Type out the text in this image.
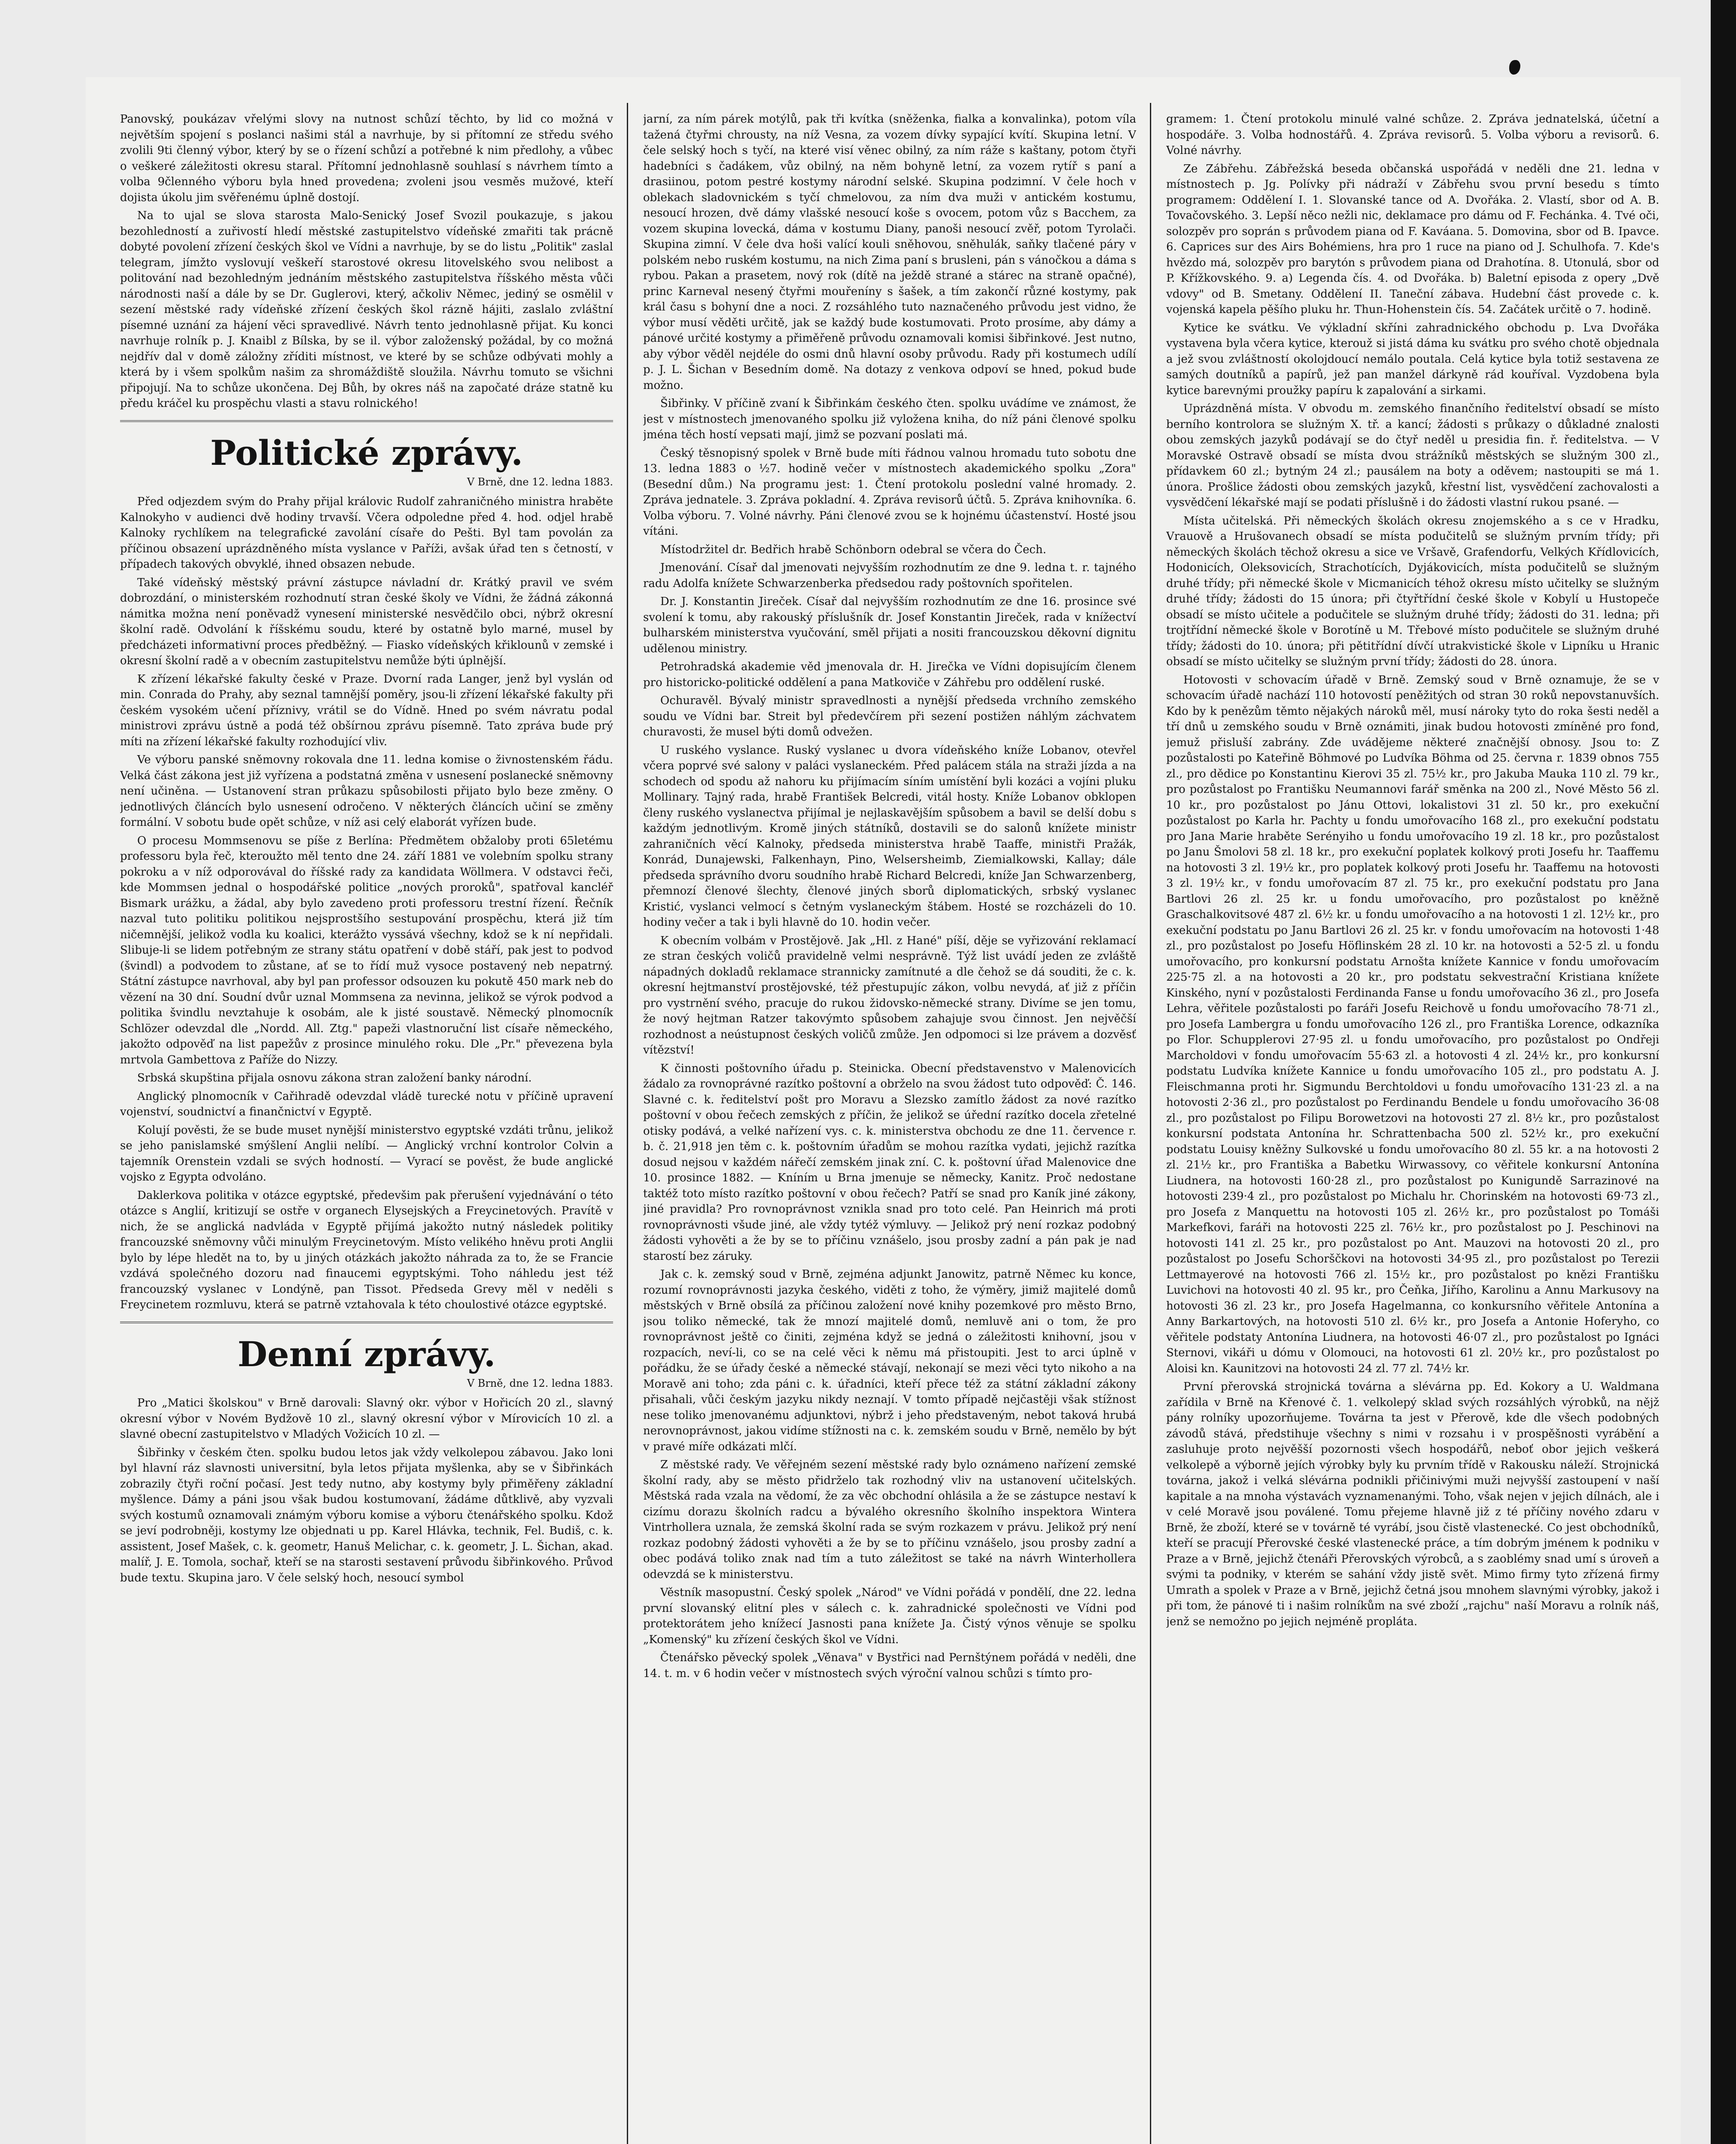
Panovský, poukázav vřelými slovy na nutnost schůzí těchto, by lid co možná v největším spojení s poslanci našimi stál a navrhuje, by si přítomní ze středu svého zvolili 9ti členný výbor, který by se o řízení schůzí a potřebné k nim předlohy, a vůbec o veškeré záležitosti okresu staral. Přítomní jednohlasně souhlasí s návrhem tímto a volba 9členného výboru byla hned provedena; zvoleni jsou vesměs mužové, kteří dojista úkolu jim svěřenému úplně dostojí.

Na to ujal se slova starosta Malo-Senický Josef Svozil poukazuje, s jakou bezohledností a zuřivostí hledí městské zastupitelstvo vídeňské zmařiti tak prácně dobyté povolení zřízení českých škol ve Vídni a navrhuje, by se do listu „Politik" zaslal telegram, jímžto vyslovují veškeří starostové okresu litovelského svou nelibost a politování nad bezohledným jednáním městského zastupitelstva říšského města vůči národnosti naší a dále by se Dr. Guglerovi, který, ačkoliv Němec, jediný se osmělil v sezení městské rady vídeňské zřízení českých škol rázně hájiti, zaslalo zvláštní písemné uznání za hájení věci spravedlivé. Návrh tento jednohlasně přijat. Ku konci navrhuje rolník p. J. Knaibl z Bílska, by se il. výbor založenský požádal, by co možná nejdřív dal v domě záložny zříditi místnost, ve které by se schůze odbývati mohly a která by i všem spolkům našim za shromáždiště sloužila. Návrhu tomuto se všichni připojují. Na to schůze ukončena. Dej Bůh, by okres náš na započaté dráze statně ku předu kráčel ku prospěchu vlasti a stavu rolnického!

Politické zprávy.
V Brně, dne 12. ledna 1883.

Před odjezdem svým do Prahy přijal královic Rudolf zahraničného ministra hraběte Kalnokyho v audienci dvě hodiny trvavší. Včera odpoledne před 4. hod. odjel hrabě Kalnoky rychlíkem na telegrafické zavolání císaře do Pešti. Byl tam povolán za příčinou obsazení uprázdněného místa vyslance v Paříži, avšak úřad ten s četností, v případech takových obvyklé, ihned obsazen nebude.

Také vídeňský městský právní zástupce návladní dr. Krátký pravil ve svém dobrozdání, o ministerském rozhodnutí stran české školy ve Vídni, že žádná zákonná námitka možna není poněvadž vynesení ministerské nesvědčilo obci, nýbrž okresní školní radě. Odvolání k říšskému soudu, které by ostatně bylo marné, musel by předcházeti informativní proces předběžný. — Fiasko vídeňských křiklounů v zemské i okresní školní radě a v obecním zastupitelstvu nemůže býti úplnější.

K zřízení lékařské fakulty české v Praze. Dvorní rada Langer, jenž byl vyslán od min. Conrada do Prahy, aby seznal tamnější poměry, jsou-li zřízení lékařské fakulty při českém vysokém učení příznivy, vrátil se do Vídně. Hned po svém návratu podal ministrovi zprávu ústně a podá též obšírnou zprávu písemně. Tato zpráva bude prý míti na zřízení lékařské fakulty rozhodující vliv.

Ve výboru panské sněmovny rokovala dne 11. ledna komise o živnostenském řádu. Velká část zákona jest již vyřízena a podstatná změna v usnesení poslanecké sněmovny není učiněna. — Ustanovení stran průkazu spůsobilosti přijato bylo beze změny. O jednotlivých článcích bylo usnesení odročeno. V některých článcích učiní se změny formální. V sobotu bude opět schůze, v níž asi celý elaborát vyřízen bude.

O procesu Mommsenovu se píše z Berlína: Předmětem obžaloby proti 65letému professoru byla řeč, kteroužto měl tento dne 24. září 1881 ve volebním spolku strany pokroku a v níž odporovával do říšské rady za kandidata Wöllmera. V odstavci řeči, kde Mommsen jednal o hospodářské politice „nových proroků", spatřoval kancléř Bismark urážku, a žádal, aby bylo zavedeno proti professoru trestní řízení. Řečník nazval tuto politiku politikou nejsprostšího sestupování prospěchu, která již tím ničemnější, jelikož vodla ku koalici, kterážto vyssává všechny, kdož se k ní nepřidali. Slibuje-li se lidem potřebným ze strany státu opatření v době stáří, pak jest to podvod (švindl) a podvodem to zůstane, ať se to řídí muž vysoce postavený neb nepatrný. Státní zástupce navrhoval, aby byl pan professor odsouzen ku pokutě 450 mark neb do vězení na 30 dní. Soudní dvůr uznal Mommsena za nevinna, jelikož se výrok podvod a politika švindlu nevztahuje k osobám, ale k jisté soustavě. Německý plnomocník Schlözer odevzdal dle „Nordd. All. Ztg." papeži vlastnoruční list císaře německého, jakožto odpověď na list papežův z prosince minulého roku. Dle „Pr." převezena byla mrtvola Gambettova z Paříže do Nizzy.

Srbská skupština přijala osnovu zákona stran založení banky národní.

Anglický plnomocník v Cařihradě odevzdal vládě turecké notu v příčině upravení vojenství, soudnictví a finančnictví v Egyptě.

Kolují pověsti, že se bude muset nynější ministerstvo egyptské vzdáti trůnu, jelikož se jeho panislamské smýšlení Anglii nelíbí. — Anglický vrchní kontrolor Colvin a tajemník Orenstein vzdali se svých hodností. — Vyrací se pověst, že bude anglické vojsko z Egypta odvoláno.

Daklerkova politika v otázce egyptské, předevšim pak přerušení vyjednávání o této otázce s Anglií, kritizují se ostře v organech Elysejských a Freycinetových. Pravítě v nich, že se anglická nadvláda v Egyptě přijímá jakožto nutný následek politiky francouzské sněmovny vůči minulým Freycinetovým. Místo velikého hněvu proti Anglii bylo by lépe hledět na to, by u jiných otázkách jakožto náhrada za to, že se Francie vzdává společného dozoru nad finaucemi egyptskými. Toho náhledu jest též francouzský vyslanec v Londýně, pan Tissot. Předseda Grevy měl v neděli s Freycinetem rozmluvu, která se patrně vztahovala k této choulostivé otázce egyptské.

Denní zprávy.
V Brně, dne 12. ledna 1883.

Pro „Matici školskou" v Brně darovali: Slavný okr. výbor v Hořicích 20 zl., slavný okresní výbor v Novém Bydžově 10 zl., slavný okresní výbor v Mírovicích 10 zl. a slavné obecní zastupitelstvo v Mladých Vožicích 10 zl. —

Šibřinky v českém čten. spolku budou letos jak vždy velkolepou zábavou. Jako loni byl hlavní ráz slavnosti universitní, byla letos přijata myšlenka, aby se v Šibřinkách zobrazily čtyři roční počasí. Jest tedy nutno, aby kostymy byly přiměřeny základní myšlence. Dámy a páni jsou však budou kostumovaní, žádáme důtklivě, aby vyzvali svých kostumů oznamovali známým výboru komise a výboru čtenářského spolku. Kdož se jeví podrobněji, kostymy lze objednati u pp. Karel Hlávka, technik, Fel. Budiš, c. k. assistent, Josef Mašek, c. k. geometr, Hanuš Melichar, c. k. geometr, J. L. Šichan, akad. malíř, J. E. Tomola, sochař, kteří se na starosti sestavení průvodu šibřinkového. Průvod bude textu. Skupina jaro. V čele selský hoch, nesoucí symbol

jarní, za ním párek motýlů, pak tři kvítka (sněženka, fialka a konvalinka), potom víla tažená čtyřmi chrousty, na níž Vesna, za vozem dívky sypající kvítí. Skupina letní. V čele selský hoch s tyčí, na které visí věnec obilný, za ním ráže s kaštany, potom čtyři hadebníci s čadákem, vůz obilný, na něm bohyně letní, za vozem rytíř s paní a drasiinou, potom pestré kostymy národní selské. Skupina podzimní. V čele hoch v oblekach sladovnickém s tyčí chmelovou, za ním dva muži v antickém kostumu, nesoucí hrozen, dvě dámy vlašské nesoucí koše s ovocem, potom vůz s Bacchem, za vozem skupina lovecká, dáma v kostumu Diany, panoši nesoucí zvěř, potom Tyrolači. Skupina zimní. V čele dva hoši valící kouli sněhovou, sněhulák, saňky tlačené páry v polském nebo ruském kostumu, na nich Zima paní s brusleni, pán s vánočkou a dáma s rybou. Pakan a prasetem, nový rok (dítě na ježdě strané a stárec na straně opačné), princ Karneval nesený čtyřmi mouřeníny s šašek, a tím zakončí různé kostymy, pak král času s bohyní dne a noci. Z rozsáhlého tuto naznačeného průvodu jest vidno, že výbor musí věděti určitě, jak se každý bude kostumovati. Proto prosíme, aby dámy a pánové určité kostymy a přiměřeně průvodu oznamovali komisi šibřinkové. Jest nutno, aby výbor věděl nejdéle do osmi dnů hlavní osoby průvodu. Rady při kostumech udílí p. J. L. Šichan v Besedním domě. Na dotazy z venkova odpoví se hned, pokud bude možno.

Šibřinky. V příčině zvaní k Šibřinkám českého čten. spolku uvádíme ve známost, že jest v místnostech jmenovaného spolku již vyložena kniha, do níž páni členové spolku jména těch hostí vepsati mají, jimž se pozvaní poslati má.

Český těsnopisný spolek v Brně bude míti řádnou valnou hromadu tuto sobotu dne 13. ledna 1883 o ½7. hodině večer v místnostech akademického spolku „Zora" (Besední dům.) Na programu jest: 1. Čtení protokolu poslední valné hromady. 2. Zpráva jednatele. 3. Zpráva pokladní. 4. Zpráva revisorů účtů. 5. Zpráva knihovníka. 6. Volba výboru. 7. Volné návrhy. Páni členové zvou se k hojnému účastenství. Hosté jsou vítáni.

Místodržitel dr. Bedřich hrabě Schönborn odebral se včera do Čech.

Jmenování. Císař dal jmenovati nejvyšším rozhodnutím ze dne 9. ledna t. r. tajného radu Adolfa knížete Schwarzenberka předsedou rady poštovních spořitelen.

Dr. J. Konstantin Jireček. Císař dal nejvyšším rozhodnutím ze dne 16. prosince své svolení k tomu, aby rakouský příslušník dr. Josef Konstantin Jireček, rada v knížectví bulharském ministerstva vyučování, směl přijati a nositi francouzskou děkovní dignitu udělenou ministry.

Petrohradská akademie věd jmenovala dr. H. Jirečka ve Vídni dopisujícím členem pro historicko-politické oddělení a pana Matkoviče v Záhřebu pro oddělení ruské.

Ochuravěl. Bývalý ministr spravedlnosti a nynější předseda vrchního zemského soudu ve Vídni bar. Streit byl předevčírem při sezení postižen náhlým záchvatem churavosti, že musel býti domů odvežen.

U ruského vyslance. Ruský vyslanec u dvora vídeňského kníže Lobanov, otevřel včera poprvé své salony v paláci vyslaneckém. Před palácem stála na straži jízda a na schodech od spodu až nahoru ku přijímacím síním umístění byli kozáci a vojíni pluku Mollinary. Tajný rada, hrabě František Belcredi, vitál hosty. Kníže Lobanov obklopen členy ruského vyslanectva přijímal je nejlaskavějším spůsobem a bavil se delší dobu s každým jednotlivým. Kromě jiných státníků, dostavili se do salonů knížete ministr zahraničních věcí Kalnoky, předseda ministerstva hrabě Taaffe, ministři Pražák, Konrád, Dunajewski, Falkenhayn, Pino, Welsersheimb, Ziemialkowski, Kallay; dále předseda správního dvoru soudního hrabě Richard Belcredi, kníže Jan Schwarzenberg, přemnozí členové šlechty, členové jiných sborů diplomatických, srbský vyslanec Kristić, vyslanci velmocí s četným vyslaneckým štábem. Hosté se rozcházeli do 10. hodiny večer a tak i byli hlavně do 10. hodin večer.

K obecním volbám v Prostějově. Jak „Hl. z Hané" píší, děje se vyřizování reklamací ze stran českých voličů pravidelně velmi nesprávně. Týž list uvádí jeden ze zvláště nápadných dokladů reklamace strannicky zamítnuté a dle čehož se dá souditi, že c. k. okresní hejtmanství prostějovské, též přestupujíc zákon, volbu nevydá, ať již z příčin pro vystrnění svého, pracuje do rukou židovsko-německé strany. Divíme se jen tomu, že nový hejtman Ratzer takovýmto spůsobem zahajuje svou činnost. Jen nejvěčší rozhodnost a neústupnost českých voličů zmůže. Jen odpomoci si lze právem a dozvěsť vítězství!

K činnosti poštovního úřadu p. Steinicka. Obecní představenstvo v Malenovicích žádalo za rovnoprávné razítko poštovní a obrželo na svou žádost tuto odpověď: Č. 146. Slavné c. k. ředitelství pošt pro Moravu a Slezsko zamítlo žádost za nové razítko poštovní v obou řečech zemských z příčin, že jelikož se úřední razítko docela zřetelné otisky podává, a velké nařízení vys. c. k. ministerstva obchodu ze dne 11. července r. b. č. 21,918 jen těm c. k. poštovním úřadům se mohou razítka vydati, jejichž razítka dosud nejsou v každém nářečí zemském jinak zní. C. k. poštovní úřad Malenovice dne 10. prosince 1882. — Kníním u Brna jmenuje se německy, Kanitz. Proč nedostane taktéž toto místo razítko poštovní v obou řečech? Patří se snad pro Kaník jiné zákony, jiné pravidla? Pro rovnoprávnost vznikla snad pro toto celé. Pan Heinrich má proti rovnoprávnosti všude jiné, ale vždy tytéž výmluvy. — Jelikož prý není rozkaz podobný žádosti vyhověti a že by se to příčinu vznášelo, jsou prosby zadní a pán pak je nad starostí bez záruky.

Jak c. k. zemský soud v Brně, zejména adjunkt Janowitz, patrně Němec ku konce, rozumí rovnoprávnosti jazyka českého, viděti z toho, že výměry, jimiž majitelé domů městských v Brně obsílá za příčinou založení nové knihy pozemkové pro město Brno, jsou toliko německé, tak že mnozí majitelé domů, nemluvě ani o tom, že pro rovnoprávnost ještě co činiti, zejména když se jedná o záležitosti knihovní, jsou v rozpacích, neví-li, co se na celé věci k němu má přistoupiti. Jest to arci úplně v pořádku, že se úřady české a německé stávají, nekonají se mezi věci tyto nikoho a na Moravě ani toho; zda páni c. k. úřadníci, kteří přece též za státní základní zákony přisahali, vůči českým jazyku nikdy neznají. V tomto případě nejčastěji však stížnost nese toliko jmenovanému adjunktovi, nýbrž i jeho představeným, nebot taková hrubá nerovnoprávnost, jakou vidíme stížnosti na c. k. zemském soudu v Brně, nemělo by být v pravé míře odkázati mlčí.

Z městské rady. Ve věřejném sezení městské rady bylo oznámeno nařízení zemské školní rady, aby se město přidrželo tak rozhodný vliv na ustanovení učitelských. Městská rada vzala na vědomí, že za věc obchodní ohlásila a že se zástupce nestaví k cizímu dorazu školních radcu a bývalého okresního školního inspektora Wintera Vintrhollera uznala, že zemská školní rada se svým rozkazem v právu. Jelikož prý není rozkaz podobný žádosti vyhověti a že by se to příčinu vznášelo, jsou prosby zadní a obec podává toliko znak nad tím a tuto záležitost se také na návrh Winterhollera odevzdá se k ministerstvu.

Věstník masopustní. Český spolek „Národ" ve Vídni pořádá v pondělí, dne 22. ledna první slovanský elitní ples v sálech c. k. zahradnické společnosti ve Vídni pod protektorátem jeho knížecí Jasnosti pana knížete Ja. Čistý výnos věnuje se spolku „Komenský" ku zřízení českých škol ve Vídni.

Čtenářsko pěvecký spolek „Věnava" v Bystřici nad Pernštýnem pořádá v neděli, dne 14. t. m. v 6 hodin večer v místnostech svých výroční valnou schůzi s tímto pro-

gramem: 1. Čtení protokolu minulé valné schůze. 2. Zpráva jednatelská, účetní a hospodáře. 3. Volba hodnostářů. 4. Zpráva revisorů. 5. Volba výboru a revisorů. 6. Volné návrhy.

Ze Zábřehu. Zábřežská beseda občanská uspořádá v neděli dne 21. ledna v místnostech p. Jg. Polívky při nádraží v Zábřehu svou první besedu s tímto programem: Oddělení I. 1. Slovanské tance od A. Dvořáka. 2. Vlastí, sbor od A. B. Tovačovského. 3. Lepší něco nežli nic, deklamace pro dámu od F. Fechánka. 4. Tvé oči, solozpěv pro soprán s průvodem piana od F. Kaváana. 5. Domovina, sbor od B. Ipavce. 6. Caprices sur des Airs Bohémiens, hra pro 1 ruce na piano od J. Schulhofa. 7. Kde's hvězdo má, solozpěv pro barytón s průvodem piana od Drahotína. 8. Utonulá, sbor od P. Křížkovského. 9. a) Legenda čís. 4. od Dvořáka. b) Baletní episoda z opery „Dvě vdovy" od B. Smetany. Oddělení II. Taneční zábava. Hudební část provede c. k. vojenská kapela pěšího pluku hr. Thun-Hohenstein čís. 54. Začátek určitě o 7. hodině.

Kytice ke svátku. Ve výkladní skříni zahradnického obchodu p. Lva Dvořáka vystavena byla včera kytice, kterouž si jistá dáma ku svátku pro svého chotě objednala a jež svou zvláštností okolojdoucí nemálo poutala. Celá kytice byla totiž sestavena ze samých doutníků a papírů, jež pan manžel dárkyně rád kouříval. Vyzdobena byla kytice barevnými proužky papíru k zapalování a sirkami.

Uprázdněná místa. V obvodu m. zemského finančního ředitelství obsadí se místo berního kontrolora se služným X. tř. a kancí; žádosti s průkazy o důkladné znalosti obou zemských jazyků podávají se do čtyř neděl u presidia fin. ř. ředitelstva. — V Moravské Ostravě obsadí se místa dvou strážníků městských se služným 300 zl., přídavkem 60 zl.; bytným 24 zl.; pausálem na boty a oděvem; nastoupiti se má 1. února. Prošlice žádosti obou zemských jazyků, křestní list, vysvědčení zachovalosti a vysvědčení lékařské mají se podati příslušně i do žádosti vlastní rukou psané. —

Místa učitelská. Při německých školách okresu znojemského a s ce v Hradku, Vrauově a Hrušovanech obsadí se místa podučitelů se služným prvním třídy; při německých školách těchož okresu a sice ve Vršavě, Grafendorfu, Velkých Křídlovicích, Hodonicích, Oleksovicích, Strachotících, Dyjákovicích, místa podučitelů se služným druhé třídy; při německé škole v Micmanicích téhož okresu místo učitelky se služným druhé třídy; žádosti do 15 února; při čtyřtřídní české škole v Kobylí u Hustopeče obsadí se místo učitele a podučitele se služným druhé třídy; žádosti do 31. ledna; při trojtřídní německé škole v Borotíně u M. Třebové místo podučitele se služným druhé třídy; žádosti do 10. února; při pětitřídní dívčí utrakvistické škole v Lipníku u Hranic obsadí se místo učitelky se služným první třídy; žádosti do 28. února.

Hotovosti v schovacím úřadě v Brně. Zemský soud v Brně oznamuje, že se v schovacím úřadě nachází 110 hotovostí peněžitých od stran 30 roků nepovstanuvších. Kdo by k penězům těmto nějakých nároků měl, musí nároky tyto do roka šesti neděl a tří dnů u zemského soudu v Brně oznámiti, jinak budou hotovosti zmíněné pro fond, jemuž přisluší zabrány. Zde uvádějeme některé značnější obnosy. Jsou to: Z pozůstalosti po Kateřině Böhmové po Ludvíka Böhma od 25. června r. 1839 obnos 755 zl., pro dědice po Konstantinu Kierovi 35 zl. 75½ kr., pro Jakuba Mauka 110 zl. 79 kr., pro pozůstalost po Františku Neumannovi farář směnka na 200 zl., Nové Město 56 zl. 10 kr., pro pozůstalost po Jánu Ottovi, lokalistovi 31 zl. 50 kr., pro exekuční pozůstalost po Karla hr. Pachty u fondu umořovacího 168 zl., pro exekuční podstatu pro Jana Marie hraběte Serényiho u fondu umořovacího 19 zl. 18 kr., pro pozůstalost po Janu Šmolovi 58 zl. 18 kr., pro exekuční poplatek kolkový proti Josefu hr. Taaffemu na hotovosti 3 zl. 19½ kr., pro poplatek kolkový proti Josefu hr. Taaffemu na hotovosti 3 zl. 19½ kr., v fondu umořovacím 87 zl. 75 kr., pro exekuční podstatu pro Jana Bartlovi 26 zl. 25 kr. u fondu umořovacího, pro pozůstalost po kněžně Graschalkovitsové 487 zl. 6½ kr. u fondu umořovacího a na hotovosti 1 zl. 12½ kr., pro exekuční podstatu po Janu Bartlovi 26 zl. 25 kr. v fondu umořovacím na hotovosti 1·48 zl., pro pozůstalost po Josefu Höflinském 28 zl. 10 kr. na hotovosti a 52·5 zl. u fondu umořovacího, pro konkursní podstatu Arnošta knížete Kannice v fondu umořovacím 225·75 zl. a na hotovosti a 20 kr., pro podstatu sekvestrační Kristiana knížete Kinského, nyní v pozůstalosti Ferdinanda Fanse u fondu umořovacího 36 zl., pro Josefa Lehra, věřitele pozůstalosti po faráři Josefu Reichově u fondu umořovacího 78·71 zl., pro Josefa Lambergra u fondu umořovacího 126 zl., pro Františka Lorence, odkazníka po Flor. Schupplerovi 27·95 zl. u fondu umořovacího, pro pozůstalost po Ondřeji Marcholdovi v fondu umořovacím 55·63 zl. a hotovosti 4 zl. 24½ kr., pro konkursní podstatu Ludvíka knížete Kannice u fondu umořovacího 105 zl., pro podstatu A. J. Fleischmanna proti hr. Sigmundu Berchtoldovi u fondu umořovacího 131·23 zl. a na hotovosti 2·36 zl., pro pozůstalost po Ferdinandu Bendele u fondu umořovacího 36·08 zl., pro pozůstalost po Filipu Borowetzovi na hotovosti 27 zl. 8½ kr., pro pozůstalost konkursní podstata Antonína hr. Schrattenbacha 500 zl. 52½ kr., pro exekuční podstatu Louisy kněžny Sulkovské u fondu umořovacího 80 zl. 55 kr. a na hotovosti 2 zl. 21½ kr., pro Františka a Babetku Wirwassovy, co věřitele konkursní Antonína Liudnera, na hotovosti 160·28 zl., pro pozůstalost po Kunigundě Sarrazinové na hotovosti 239·4 zl., pro pozůstalost po Michalu hr. Chorinském na hotovosti 69·73 zl., pro Josefa z Manquettu na hotovosti 105 zl. 26½ kr., pro pozůstalost po Tomáši Markefkovi, faráři na hotovosti 225 zl. 76½ kr., pro pozůstalost po J. Peschinovi na hotovosti 141 zl. 25 kr., pro pozůstalost po Ant. Mauzovi na hotovosti 20 zl., pro pozůstalost po Josefu Schorščkovi na hotovosti 34·95 zl., pro pozůstalost po Terezii Lettmayerové na hotovosti 766 zl. 15½ kr., pro pozůstalost po knězi Františku Luvichovi na hotovosti 40 zl. 95 kr., pro Čeňka, Jiřího, Karolinu a Annu Markusovy na hotovosti 36 zl. 23 kr., pro Josefa Hagelmanna, co konkursního věřitele Antonína a Anny Barkartových, na hotovosti 510 zl. 6½ kr., pro Josefa a Antonie Hoferyho, co věřitele podstaty Antonína Liudnera, na hotovosti 46·07 zl., pro pozůstalost po Ignáci Sternovi, vikáři u dómu v Olomouci, na hotovosti 61 zl. 20½ kr., pro pozůstalost po Aloisi kn. Kaunitzovi na hotovosti 24 zl. 77 zl. 74½ kr.

První přerovská strojnická továrna a slévárna pp. Ed. Kokory a U. Waldmana zařídila v Brně na Křenové č. 1. velkolepý sklad svých rozsáhlých výrobků, na nějž pány rolníky upozorňujeme. Továrna ta jest v Přerově, kde dle všech podobných závodů stává, předstihuje všechny s nimi v rozsahu i v prospěšnosti vyrábění a zasluhuje proto nejvěšší pozornosti všech hospodářů, neboť obor jejich veškerá velkolepě a výborně jejích výrobky byly ku prvním třídě v Rakousku náleží. Strojnická továrna, jakož i velká slévárna podnikli přičinivými muži nejvyšší zastoupení v naší kapitale a na mnoha výstavách vyznamenanými. Toho, však nejen v jejich dílnách, ale i v celé Moravě jsou poválené. Tomu přejeme hlavně již z té příčiny nového zdaru v Brně, že zboží, které se v továrně té vyrábí, jsou čistě vlastenecké. Co jest obchodníků, kteří se pracují Přerovské české vlastenecké práce, a tím dobrým jménem k podniku v Praze a v Brně, jejichž čtenáři Přerovských výrobců, a s zaoblémy snad umí s úroveň a svými ta podniky, v kterém se sahání vždy jistě svět. Mimo firmy tyto zřízená firmy Umrath a spolek v Praze a v Brně, jejichž četná jsou mnohem slavnými výrobky, jakož i při tom, že pánové ti i našim rolníkům na své zboží „rajchu" naší Moravu a rolník náš, jenž se nemožno po jejich nejméně propláta.
